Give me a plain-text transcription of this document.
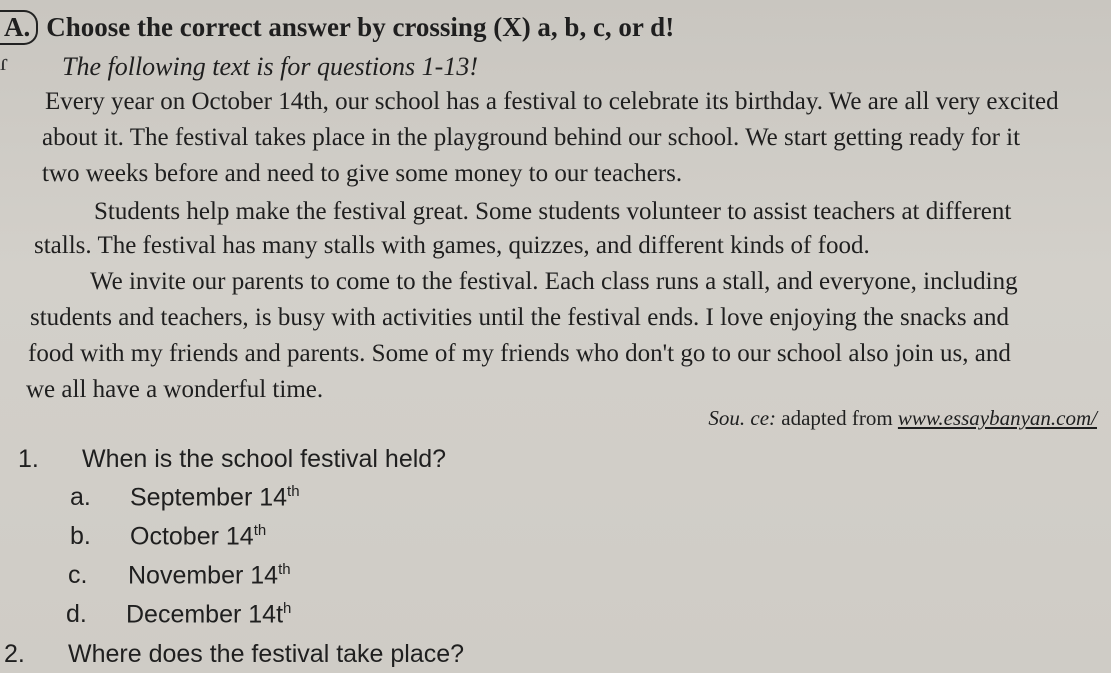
ɾ
A. Choose the correct answer by crossing (X) a, b, c, or d!
The following text is for questions 1-13!
Every year on October 14th, our school has a festival to celebrate its birthday. We are all very excited
about it. The festival takes place in the playground behind our school. We start getting ready for it
two weeks before and need to give some money to our teachers.
Students help make the festival great. Some students volunteer to assist teachers at different
stalls. The festival has many stalls with games, quizzes, and different kinds of food.
We invite our parents to come to the festival. Each class runs a stall, and everyone, including
students and teachers, is busy with activities until the festival ends. I love enjoying the snacks and
food with my friends and parents. Some of my friends who don't go to our school also join us, and
we all have a wonderful time.
Sou. ce: adapted from www.essaybanyan.com/
1. When is the school festival held?
a. September 14th
b. October 14th
c. November 14th
d. December $14t^h$
2. Where does the festival take place?
